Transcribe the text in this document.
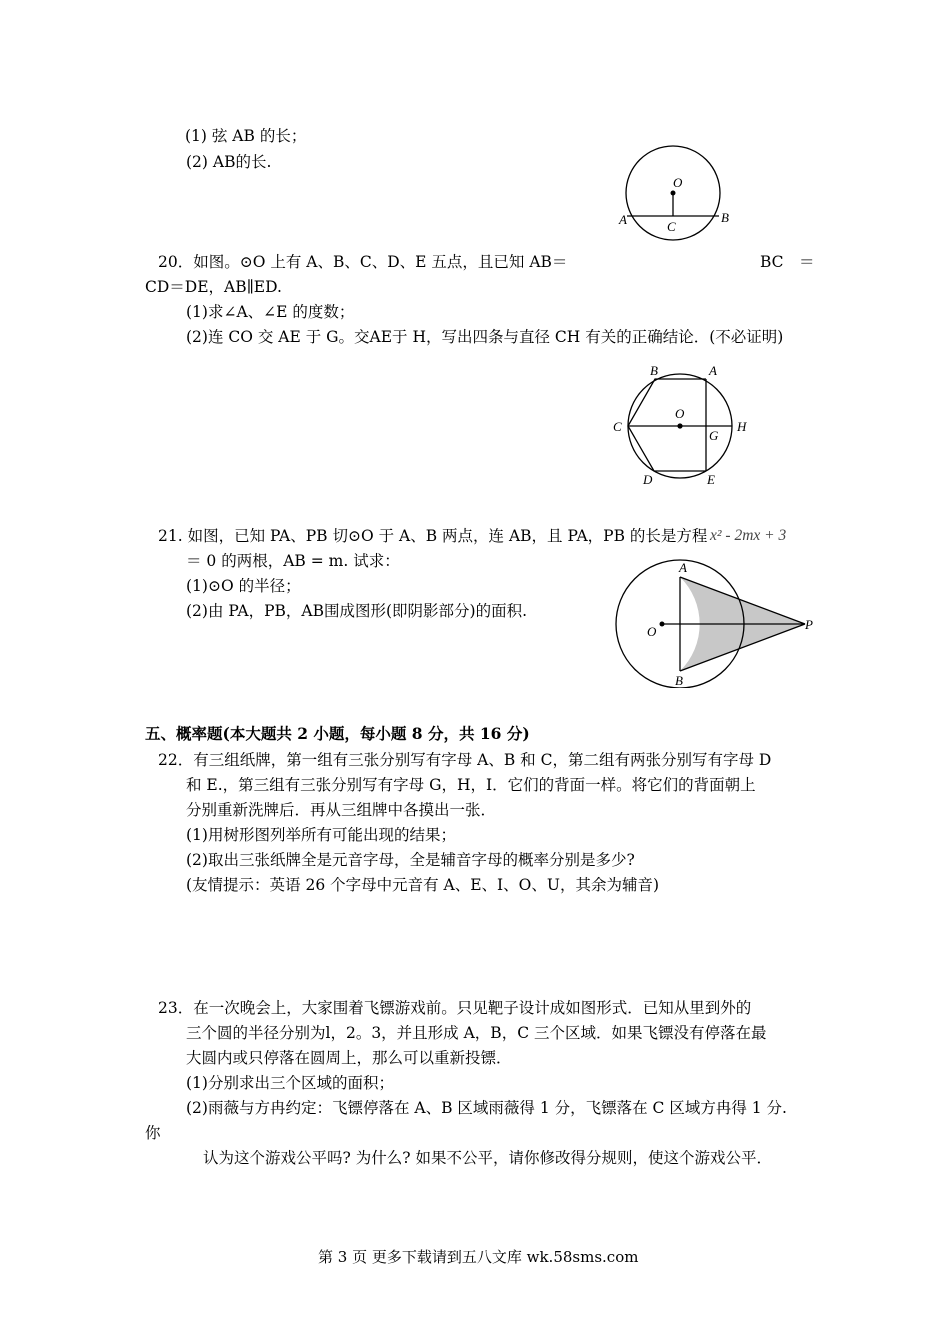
(1) 弦 AB 的长；
(2) AB的长.
O
A	B
C
20．如图。⊙O 上有 A、B、C、D、E 五点，且已知 AB＝	BC　＝
CD＝DE，AB∥ED.
(1)求∠A、∠E 的度数；
(2)连 CO 交 AE 于 G。交AE于 H，写出四条与直径 CH 有关的正确结论．(不必证明)
B	A
C
O
G
H
D	E
21. 如图，已知 PA、PB 切⊙O 于 A、B 两点，连 AB，且 PA，PB 的长是方程 x² - 2mx + 3
＝ 0 的两根，AB = m. 试求：
(1)⊙O 的半径；
(2)由 PA，PB，AB围成图形(即阴影部分)的面积.
A
O	P
B
五、概率题(本大题共 2 小题，每小题 8 分，共 16 分)
22．有三组纸牌，第一组有三张分别写有字母 A、B 和 C，第二组有两张分别写有字母 D
和 E.，第三组有三张分别写有字母 G，H，I．它们的背面一样。将它们的背面朝上
分别重新洗牌后．再从三组牌中各摸出一张．
(1)用树形图列举所有可能出现的结果；
(2)取出三张纸牌全是元音字母，全是辅音字母的概率分别是多少?
(友情提示：英语 26 个字母中元音有 A、E、I、O、U，其余为辅音)
23．在一次晚会上，大家围着飞镖游戏前。只见靶子设计成如图形式．已知从里到外的
三个圆的半径分别为l，2。3，并且形成 A，B，C 三个区域．如果飞镖没有停落在最
大圆内或只停落在圆周上，那么可以重新投镖．
(1)分别求出三个区域的面积；
(2)雨薇与方冉约定：飞镖停落在 A、B 区域雨薇得 1 分，飞镖落在 C 区域方冉得 1 分.
你
认为这个游戏公平吗? 为什么? 如果不公平，请你修改得分规则，使这个游戏公平．
第 3 页 更多下载请到五八文库 wk.58sms.com
